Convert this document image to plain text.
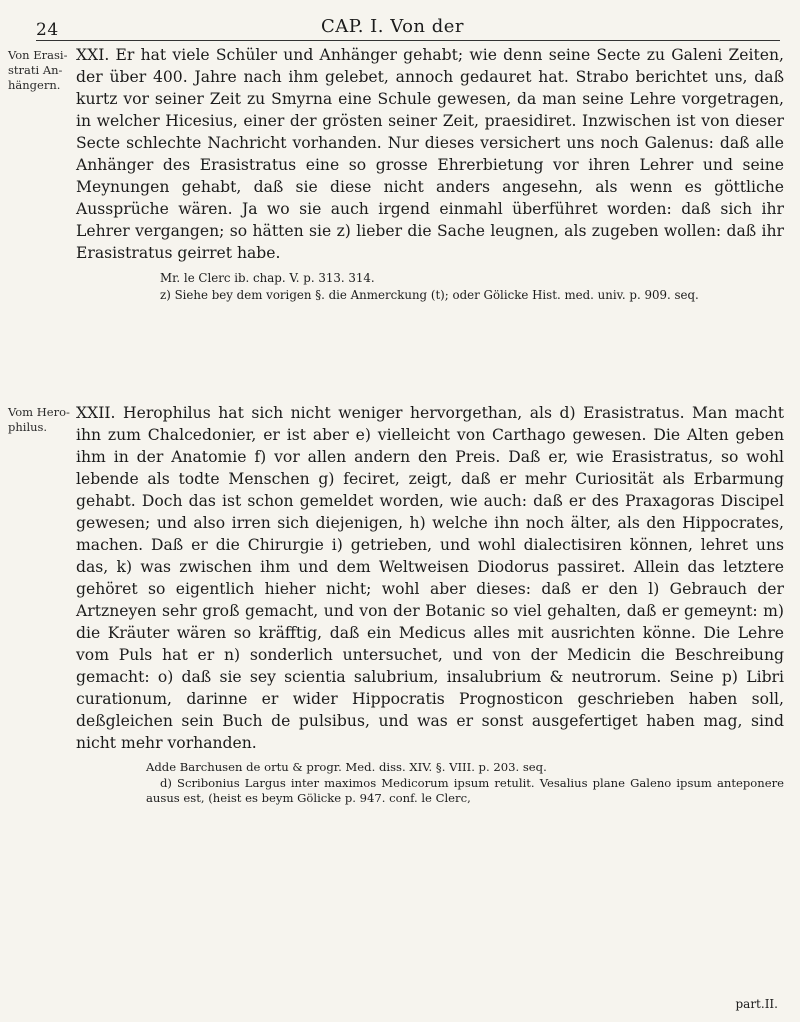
24	CAP. I. Von der
Von Erasi-
strati An-
hängern.
Vom Hero-
philus.

XXI. Er hat viele Schüler und Anhänger gehabt; wie denn seine Secte zu Galeni Zeiten, der über 400. Jahre nach ihm gelebet, annoch gedauret hat. Strabo berichtet uns, daß kurtz vor seiner Zeit zu Smyrna eine Schule gewesen, da man seine Lehre vorgetragen, in welcher Hicesius, einer der grösten seiner Zeit, praesidiret. Inzwischen ist von dieser Secte schlechte Nachricht vorhanden. Nur dieses versichert uns noch Galenus: daß alle Anhänger des Erasistratus eine so grosse Ehrerbietung vor ihren Lehrer und seine Meynungen gehabt, daß sie diese nicht anders angesehn, als wenn es göttliche Aussprüche wären. Ja wo sie auch irgend einmahl überführet worden: daß sich ihr Lehrer vergangen; so hätten sie z) lieber die Sache leugnen, als zugeben wollen: daß ihr Erasistratus geirret habe.

Mr. le Clerc ib. chap. V. p. 313. 314.

z) Siehe bey dem vorigen §. die Anmerckung (t); oder Gölicke Hist. med. univ. p. 909. seq.

XXII. Herophilus hat sich nicht weniger hervorgethan, als d) Erasistratus. Man macht ihn zum Chalcedonier, er ist aber e) vielleicht von Carthago gewesen. Die Alten geben ihm in der Anatomie f) vor allen andern den Preis. Daß er, wie Erasistratus, so wohl lebende als todte Menschen g) feciret, zeigt, daß er mehr Curiosität als Erbarmung gehabt. Doch das ist schon gemeldet worden, wie auch: daß er des Praxagoras Discipel gewesen; und also irren sich diejenigen, h) welche ihn noch älter, als den Hippocrates, machen. Daß er die Chirurgie i) getrieben, und wohl dialectisiren können, lehret uns das, k) was zwischen ihm und dem Weltweisen Diodorus passiret. Allein das letztere gehöret so eigentlich hieher nicht; wohl aber dieses: daß er den l) Gebrauch der Artzneyen sehr groß gemacht, und von der Botanic so viel gehalten, daß er gemeynt: m) die Kräuter wären so kräfftig, daß ein Medicus alles mit ausrichten könne. Die Lehre vom Puls hat er n) sonderlich untersuchet, und von der Medicin die Beschreibung gemacht: o) daß sie sey scientia salubrium, insalubrium & neutrorum. Seine p) Libri curationum, darinne er wider Hippocratis Prognosticon geschrieben haben soll, deßgleichen sein Buch de pulsibus, und was er sonst ausgefertiget haben mag, sind nicht mehr vorhanden.

Adde Barchusen de ortu & progr. Med. diss. XIV. §. VIII. p. 203. seq.

d) Scribonius Largus inter maximos Medicorum ipsum retulit. Vesalius plane Galeno ipsum anteponere ausus est, (heist es beym Gölicke p. 947. conf. le Clerc,

part.II.
